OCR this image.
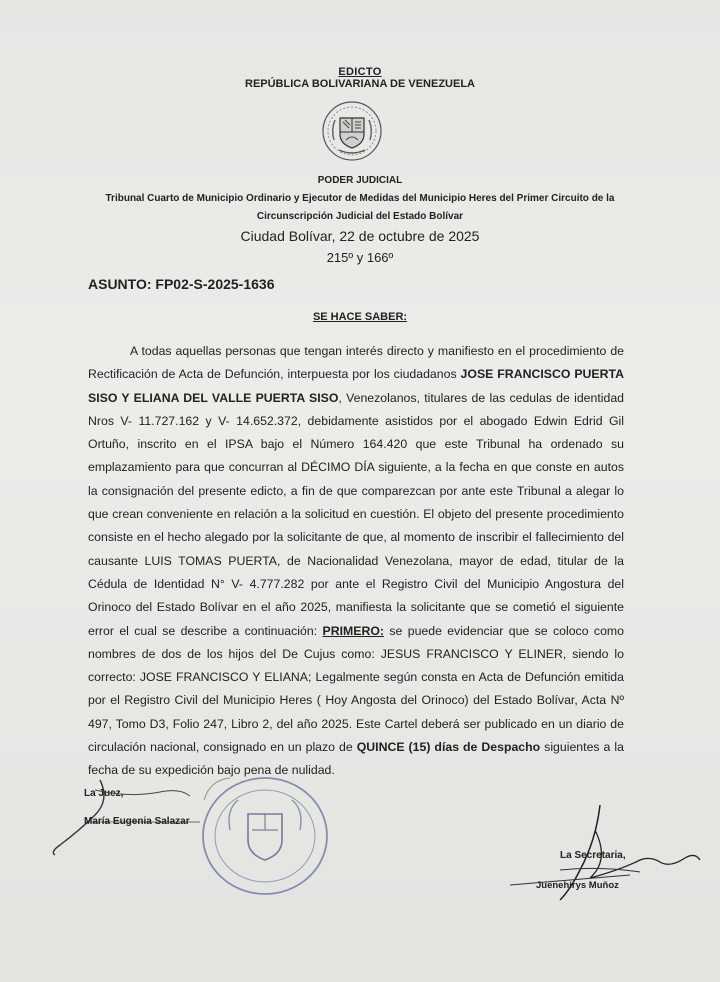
EDICTO
REPÚBLICA BOLIVARIANA DE VENEZUELA
PODER JUDICIAL
Tribunal Cuarto de Municipio Ordinario y Ejecutor de Medidas del Municipio Heres del Primer Circuito de la Circunscripción Judicial del Estado Bolívar
Ciudad Bolívar, 22 de octubre de 2025
215º y 166º
ASUNTO: FP02-S-2025-1636
SE HACE SABER:
A todas aquellas personas que tengan interés directo y manifiesto en el procedimiento de Rectificación de Acta de Defunción, interpuesta por los ciudadanos JOSE FRANCISCO PUERTA SISO Y ELIANA DEL VALLE PUERTA SISO, Venezolanos, titulares de las cedulas de identidad Nros V- 11.727.162 y V- 14.652.372, debidamente asistidos por el abogado Edwin Edrid Gil Ortuño, inscrito en el IPSA bajo el Número 164.420 que este Tribunal ha ordenado su emplazamiento para que concurran al DÉCIMO DÍA siguiente, a la fecha en que conste en autos la consignación del presente edicto, a fin de que comparezcan por ante este Tribunal a alegar lo que crean conveniente en relación a la solicitud en cuestión. El objeto del presente procedimiento consiste en el hecho alegado por la solicitante de que, al momento de inscribir el fallecimiento del causante LUIS TOMAS PUERTA, de Nacionalidad Venezolana, mayor de edad, titular de la Cédula de Identidad N° V- 4.777.282 por ante el Registro Civil del Municipio Angostura del Orinoco del Estado Bolívar en el año 2025, manifiesta la solicitante que se cometió el siguiente error el cual se describe a continuación: PRIMERO: se puede evidenciar que se coloco como nombres de dos de los hijos del De Cujus como: JESUS FRANCISCO Y ELINER, siendo lo correcto: JOSE FRANCISCO Y ELIANA; Legalmente según consta en Acta de Defunción emitida por el Registro Civil del Municipio Heres ( Hoy Angosta del Orinoco) del Estado Bolívar, Acta Nº 497, Tomo D3, Folio 247, Libro 2, del año 2025. Este Cartel deberá ser publicado en un diario de circulación nacional, consignado en un plazo de QUINCE (15) días de Despacho siguientes a la fecha de su expedición bajo pena de nulidad.
La Juez,
María Eugenia Salazar
La Secretaria,
Juenehirys Muñoz
